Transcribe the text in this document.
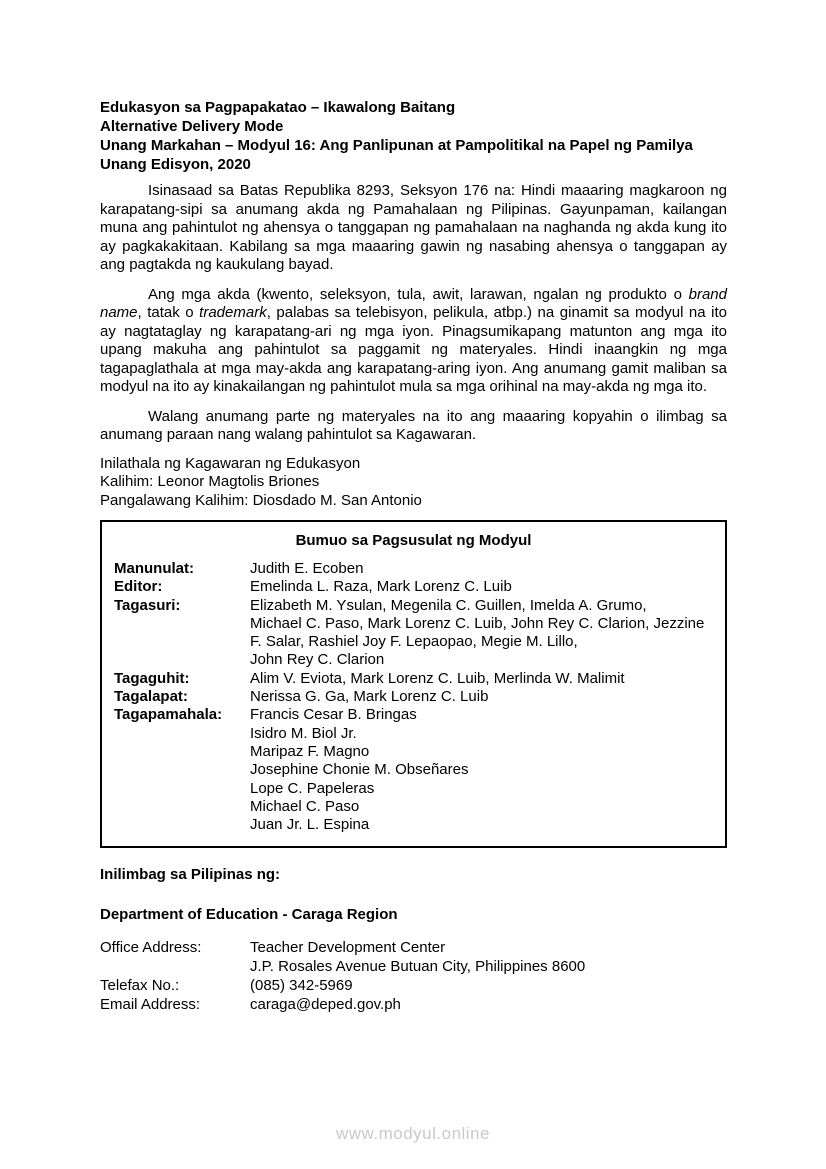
Edukasyon sa Pagpapakatao – Ikawalong Baitang
Alternative Delivery Mode
Unang Markahan – Modyul 16: Ang Panlipunan at Pampolitikal na Papel ng Pamilya
Unang Edisyon, 2020

Isinasaad sa Batas Republika 8293, Seksyon 176 na: Hindi maaaring magkaroon ng karapatang-sipi sa anumang akda ng Pamahalaan ng Pilipinas. Gayunpaman, kailangan muna ang pahintulot ng ahensya o tanggapan ng pamahalaan na naghanda ng akda kung ito ay pagkakakitaan. Kabilang sa mga maaaring gawin ng nasabing ahensya o tanggapan ay ang pagtakda ng kaukulang bayad.

Ang mga akda (kwento, seleksyon, tula, awit, larawan, ngalan ng produkto o brand name, tatak o trademark, palabas sa telebisyon, pelikula, atbp.) na ginamit sa modyul na ito ay nagtataglay ng karapatang-ari ng mga iyon. Pinagsumikapang matunton ang mga ito upang makuha ang pahintulot sa paggamit ng materyales. Hindi inaangkin ng mga tagapaglathala at mga may-akda ang karapatang-aring iyon. Ang anumang gamit maliban sa modyul na ito ay kinakailangan ng pahintulot mula sa mga orihinal na may-akda ng mga ito.

Walang anumang parte ng materyales na ito ang maaaring kopyahin o ilimbag sa anumang paraan nang walang pahintulot sa Kagawaran.

Inilathala ng Kagawaran ng Edukasyon
Kalihim: Leonor Magtolis Briones
Pangalawang Kalihim: Diosdado M. San Antonio
Bumuo sa Pagsusulat ng Modyul
Manunulat:	Judith E. Ecoben
Editor:	Emelinda L. Raza, Mark Lorenz C. Luib
Tagasuri:	Elizabeth M. Ysulan, Megenila C. Guillen, Imelda A. Grumo,
Michael C. Paso, Mark Lorenz C. Luib, John Rey C. Clarion, Jezzine
F. Salar, Rashiel Joy F. Lepaopao, Megie M. Lillo,
John Rey C. Clarion
Tagaguhit:	Alim V. Eviota, Mark Lorenz C. Luib, Merlinda W. Malimit
Tagalapat:	Nerissa G. Ga, Mark Lorenz C. Luib
Tagapamahala:	Francis Cesar B. Bringas
Isidro M. Biol Jr.
Maripaz F. Magno
Josephine Chonie M. Obseñares
Lope C. Papeleras
Michael C. Paso
Juan Jr. L. Espina
Inilimbag sa Pilipinas ng:
Department of Education - Caraga Region
Office Address:	Teacher Development Center
J.P. Rosales Avenue Butuan City, Philippines 8600
Telefax No.:	(085) 342-5969
Email Address:	caraga@deped.gov.ph
www.modyul.online
